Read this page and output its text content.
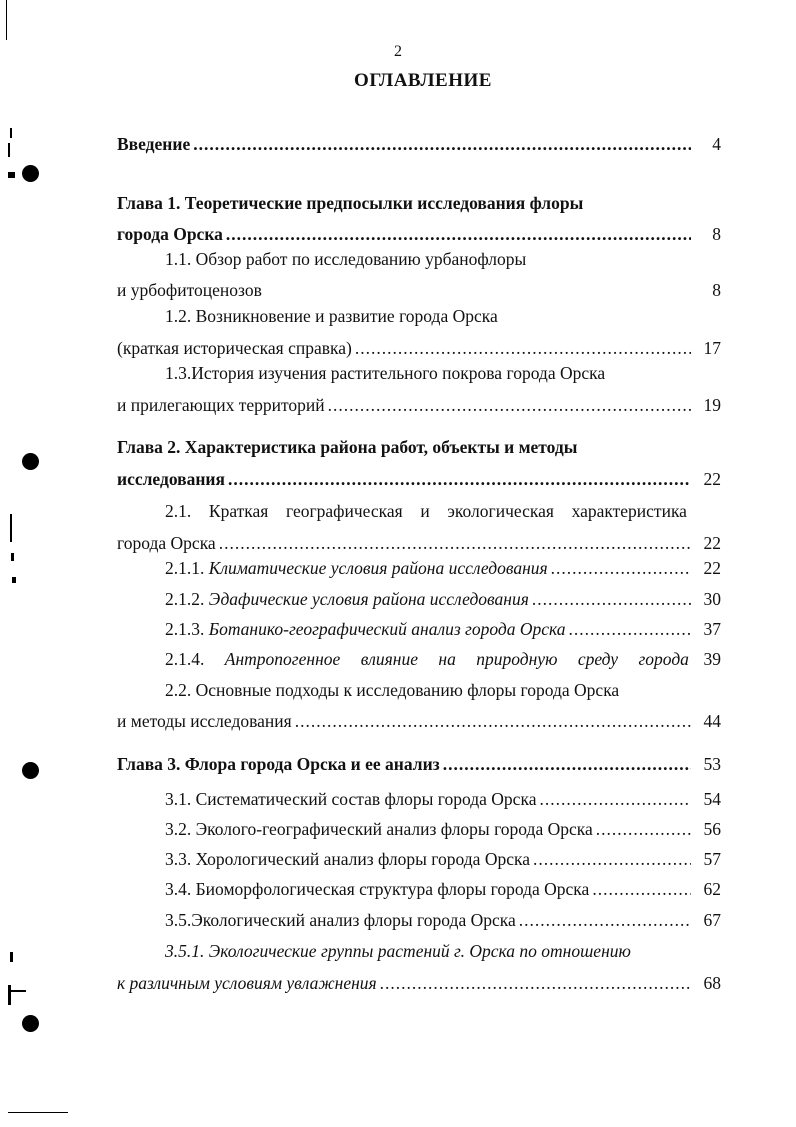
2
ОГЛАВЛЕНИЕ
Введение .....	4
Глава 1. Теоретические предпосылки исследования флоры
города Орска .....	8
1.1. Обзор работ по исследованию урбанофлоры
и урбофитоценозов	8
1.2. Возникновение и развитие города Орска
(краткая историческая справка) .....	17
1.3.История изучения растительного покрова города Орска
и прилегающих территорий .....	19
Глава 2. Характеристика района работ, объекты и методы
исследования .....	22
2.1. Краткая географическая и экологическая характеристика
города Орска .....	22
2.1.1. Климатические условия района исследования .....	22
2.1.2. Эдафические условия района исследования .....	30
2.1.3. Ботанико-географический анализ города Орска .....	37
2.1.4. Антропогенное влияние на природную среду города 39
2.2. Основные подходы к исследованию флоры города Орска
и методы исследования .....	44
Глава 3. Флора города Орска и ее анализ .....	53
3.1. Систематический состав флоры города Орска .....	54
3.2. Эколого-географический анализ флоры города Орска .....	56
3.3. Хорологический анализ флоры города Орска .....	57
3.4. Биоморфологическая структура флоры города Орска .....	62
3.5.Экологический анализ флоры города Орска .....	67
3.5.1. Экологические группы растений г. Орска по отношению
к различным условиям увлажнения .....	68
